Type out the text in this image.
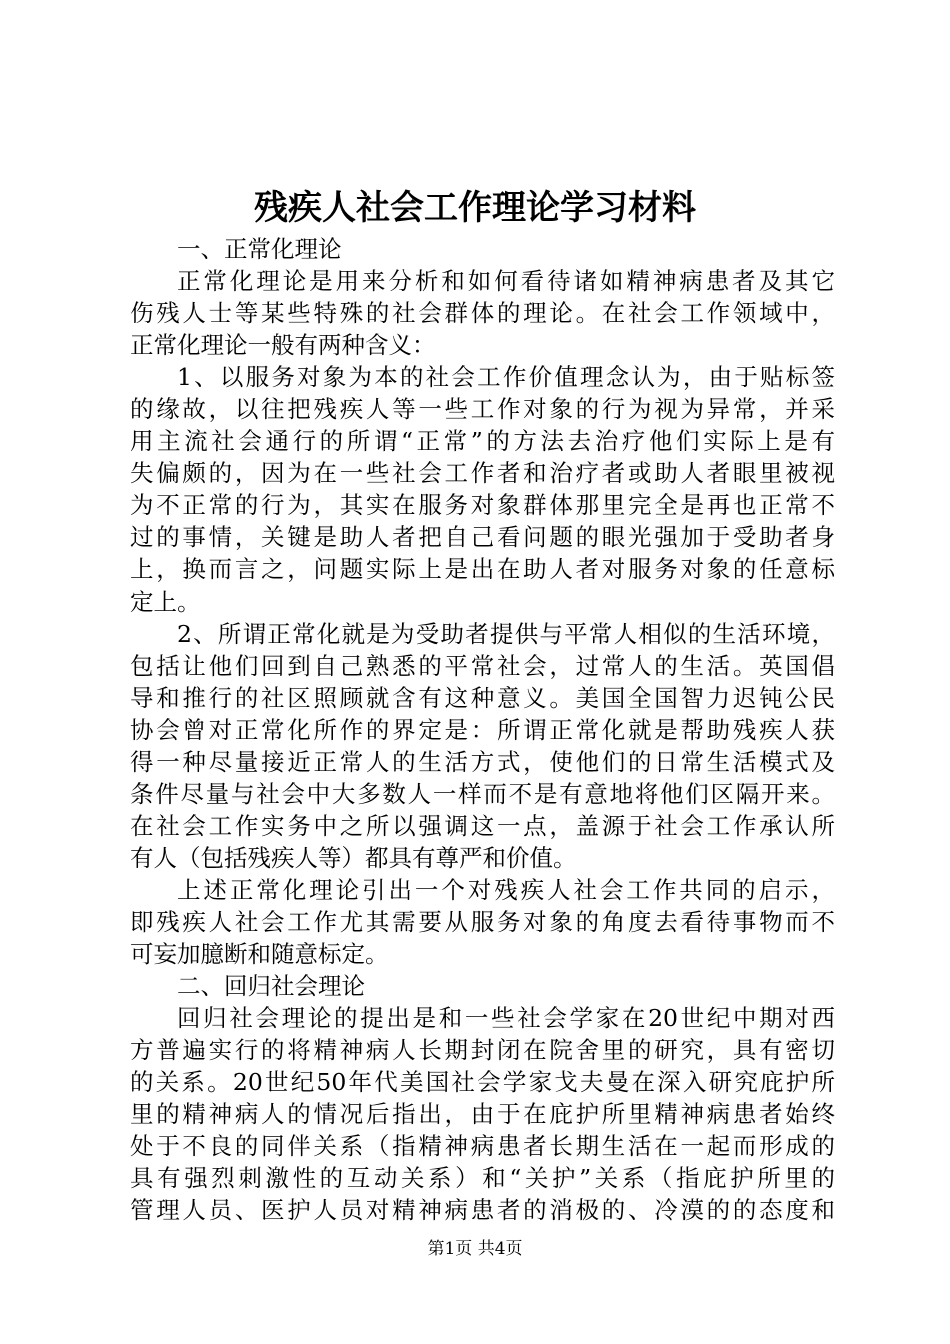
残疾人社会工作理论学习材料
一、正常化理论
正常化理论是用来分析和如何看待诸如精神病患者及其它
伤残人士等某些特殊的社会群体的理论。在社会工作领域中，
正常化理论一般有两种含义：
1、以服务对象为本的社会工作价值理念认为，由于贴标签
的缘故，以往把残疾人等一些工作对象的行为视为异常，并采
用主流社会通行的所谓“正常”的方法去治疗他们实际上是有
失偏颇的，因为在一些社会工作者和治疗者或助人者眼里被视
为不正常的行为，其实在服务对象群体那里完全是再也正常不
过的事情，关键是助人者把自己看问题的眼光强加于受助者身
上，换而言之，问题实际上是出在助人者对服务对象的任意标
定上。
2、所谓正常化就是为受助者提供与平常人相似的生活环境，
包括让他们回到自己熟悉的平常社会，过常人的生活。英国倡
导和推行的社区照顾就含有这种意义。美国全国智力迟钝公民
协会曾对正常化所作的界定是：所谓正常化就是帮助残疾人获
得一种尽量接近正常人的生活方式，使他们的日常生活模式及
条件尽量与社会中大多数人一样而不是有意地将他们区隔开来。
在社会工作实务中之所以强调这一点，盖源于社会工作承认所
有人（包括残疾人等）都具有尊严和价值。
上述正常化理论引出一个对残疾人社会工作共同的启示，
即残疾人社会工作尤其需要从服务对象的角度去看待事物而不
可妄加臆断和随意标定。
二、回归社会理论
回归社会理论的提出是和一些社会学家在20世纪中期对西
方普遍实行的将精神病人长期封闭在院舍里的研究，具有密切
的关系。20世纪50年代美国社会学家戈夫曼在深入研究庇护所
里的精神病人的情况后指出，由于在庇护所里精神病患者始终
处于不良的同伴关系（指精神病患者长期生活在一起而形成的
具有强烈刺激性的互动关系）和“关护”关系（指庇护所里的
管理人员、医护人员对精神病患者的消极的、冷漠的的态度和
第1页 共4页
